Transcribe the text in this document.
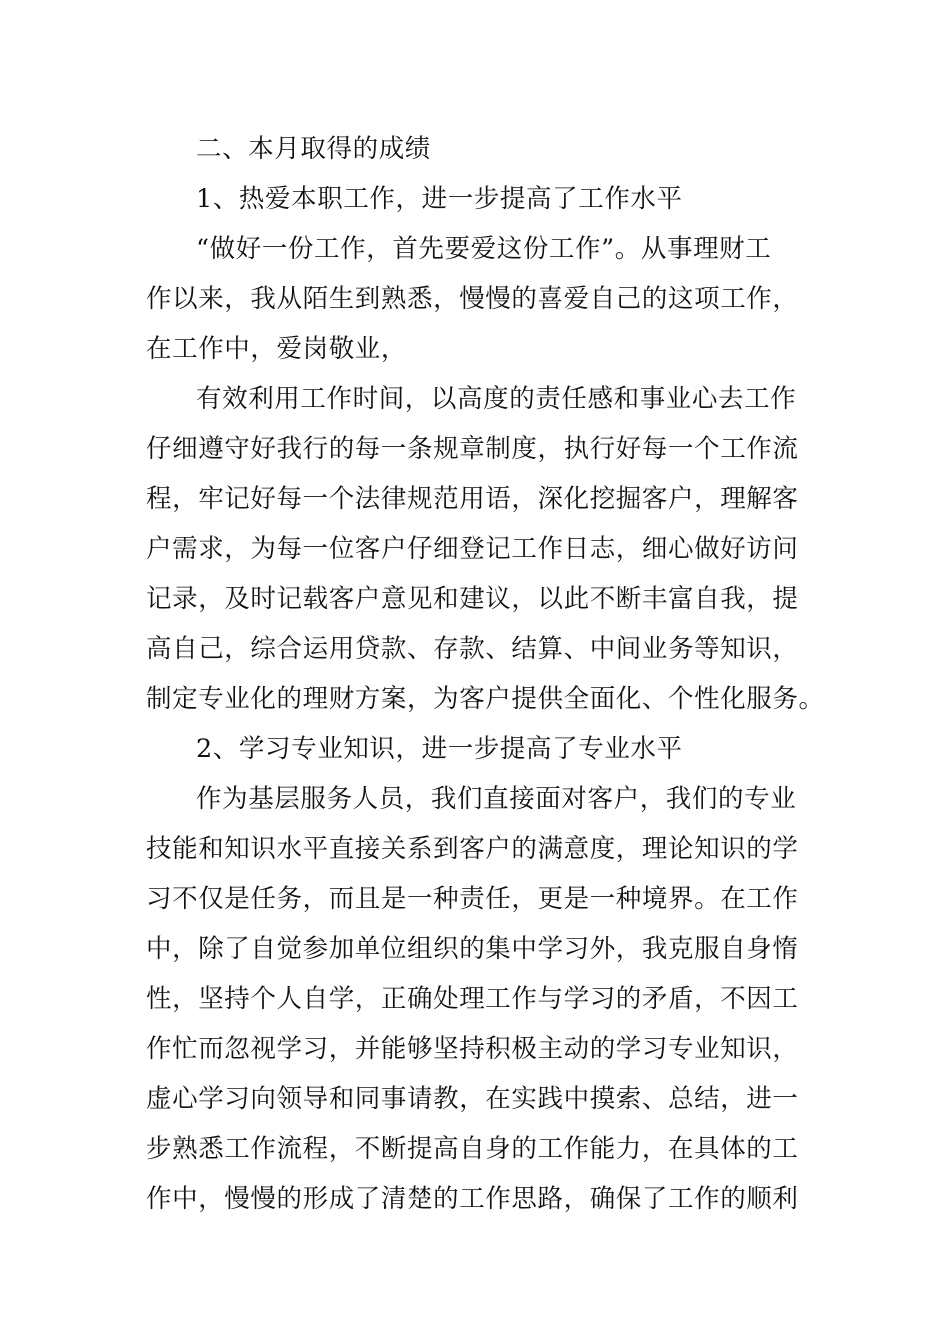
二、本月取得的成绩
1、热爱本职工作，进一步提高了工作水平
“做好一份工作，首先要爱这份工作”。从事理财工
作以来，我从陌生到熟悉，慢慢的喜爱自己的这项工作，
在工作中，爱岗敬业，
有效利用工作时间，以高度的责任感和事业心去工作
仔细遵守好我行的每一条规章制度，执行好每一个工作流
程，牢记好每一个法律规范用语，深化挖掘客户，理解客
户需求，为每一位客户仔细登记工作日志，细心做好访问
记录，及时记载客户意见和建议，以此不断丰富自我，提
高自己，综合运用贷款、存款、结算、中间业务等知识，
制定专业化的理财方案，为客户提供全面化、个性化服务。
2、学习专业知识，进一步提高了专业水平
作为基层服务人员，我们直接面对客户，我们的专业
技能和知识水平直接关系到客户的满意度，理论知识的学
习不仅是任务，而且是一种责任，更是一种境界。在工作
中，除了自觉参加单位组织的集中学习外，我克服自身惰
性，坚持个人自学，正确处理工作与学习的矛盾，不因工
作忙而忽视学习，并能够坚持积极主动的学习专业知识，
虚心学习向领导和同事请教，在实践中摸索、总结，进一
步熟悉工作流程，不断提高自身的工作能力，在具体的工
作中，慢慢的形成了清楚的工作思路，确保了工作的顺利
